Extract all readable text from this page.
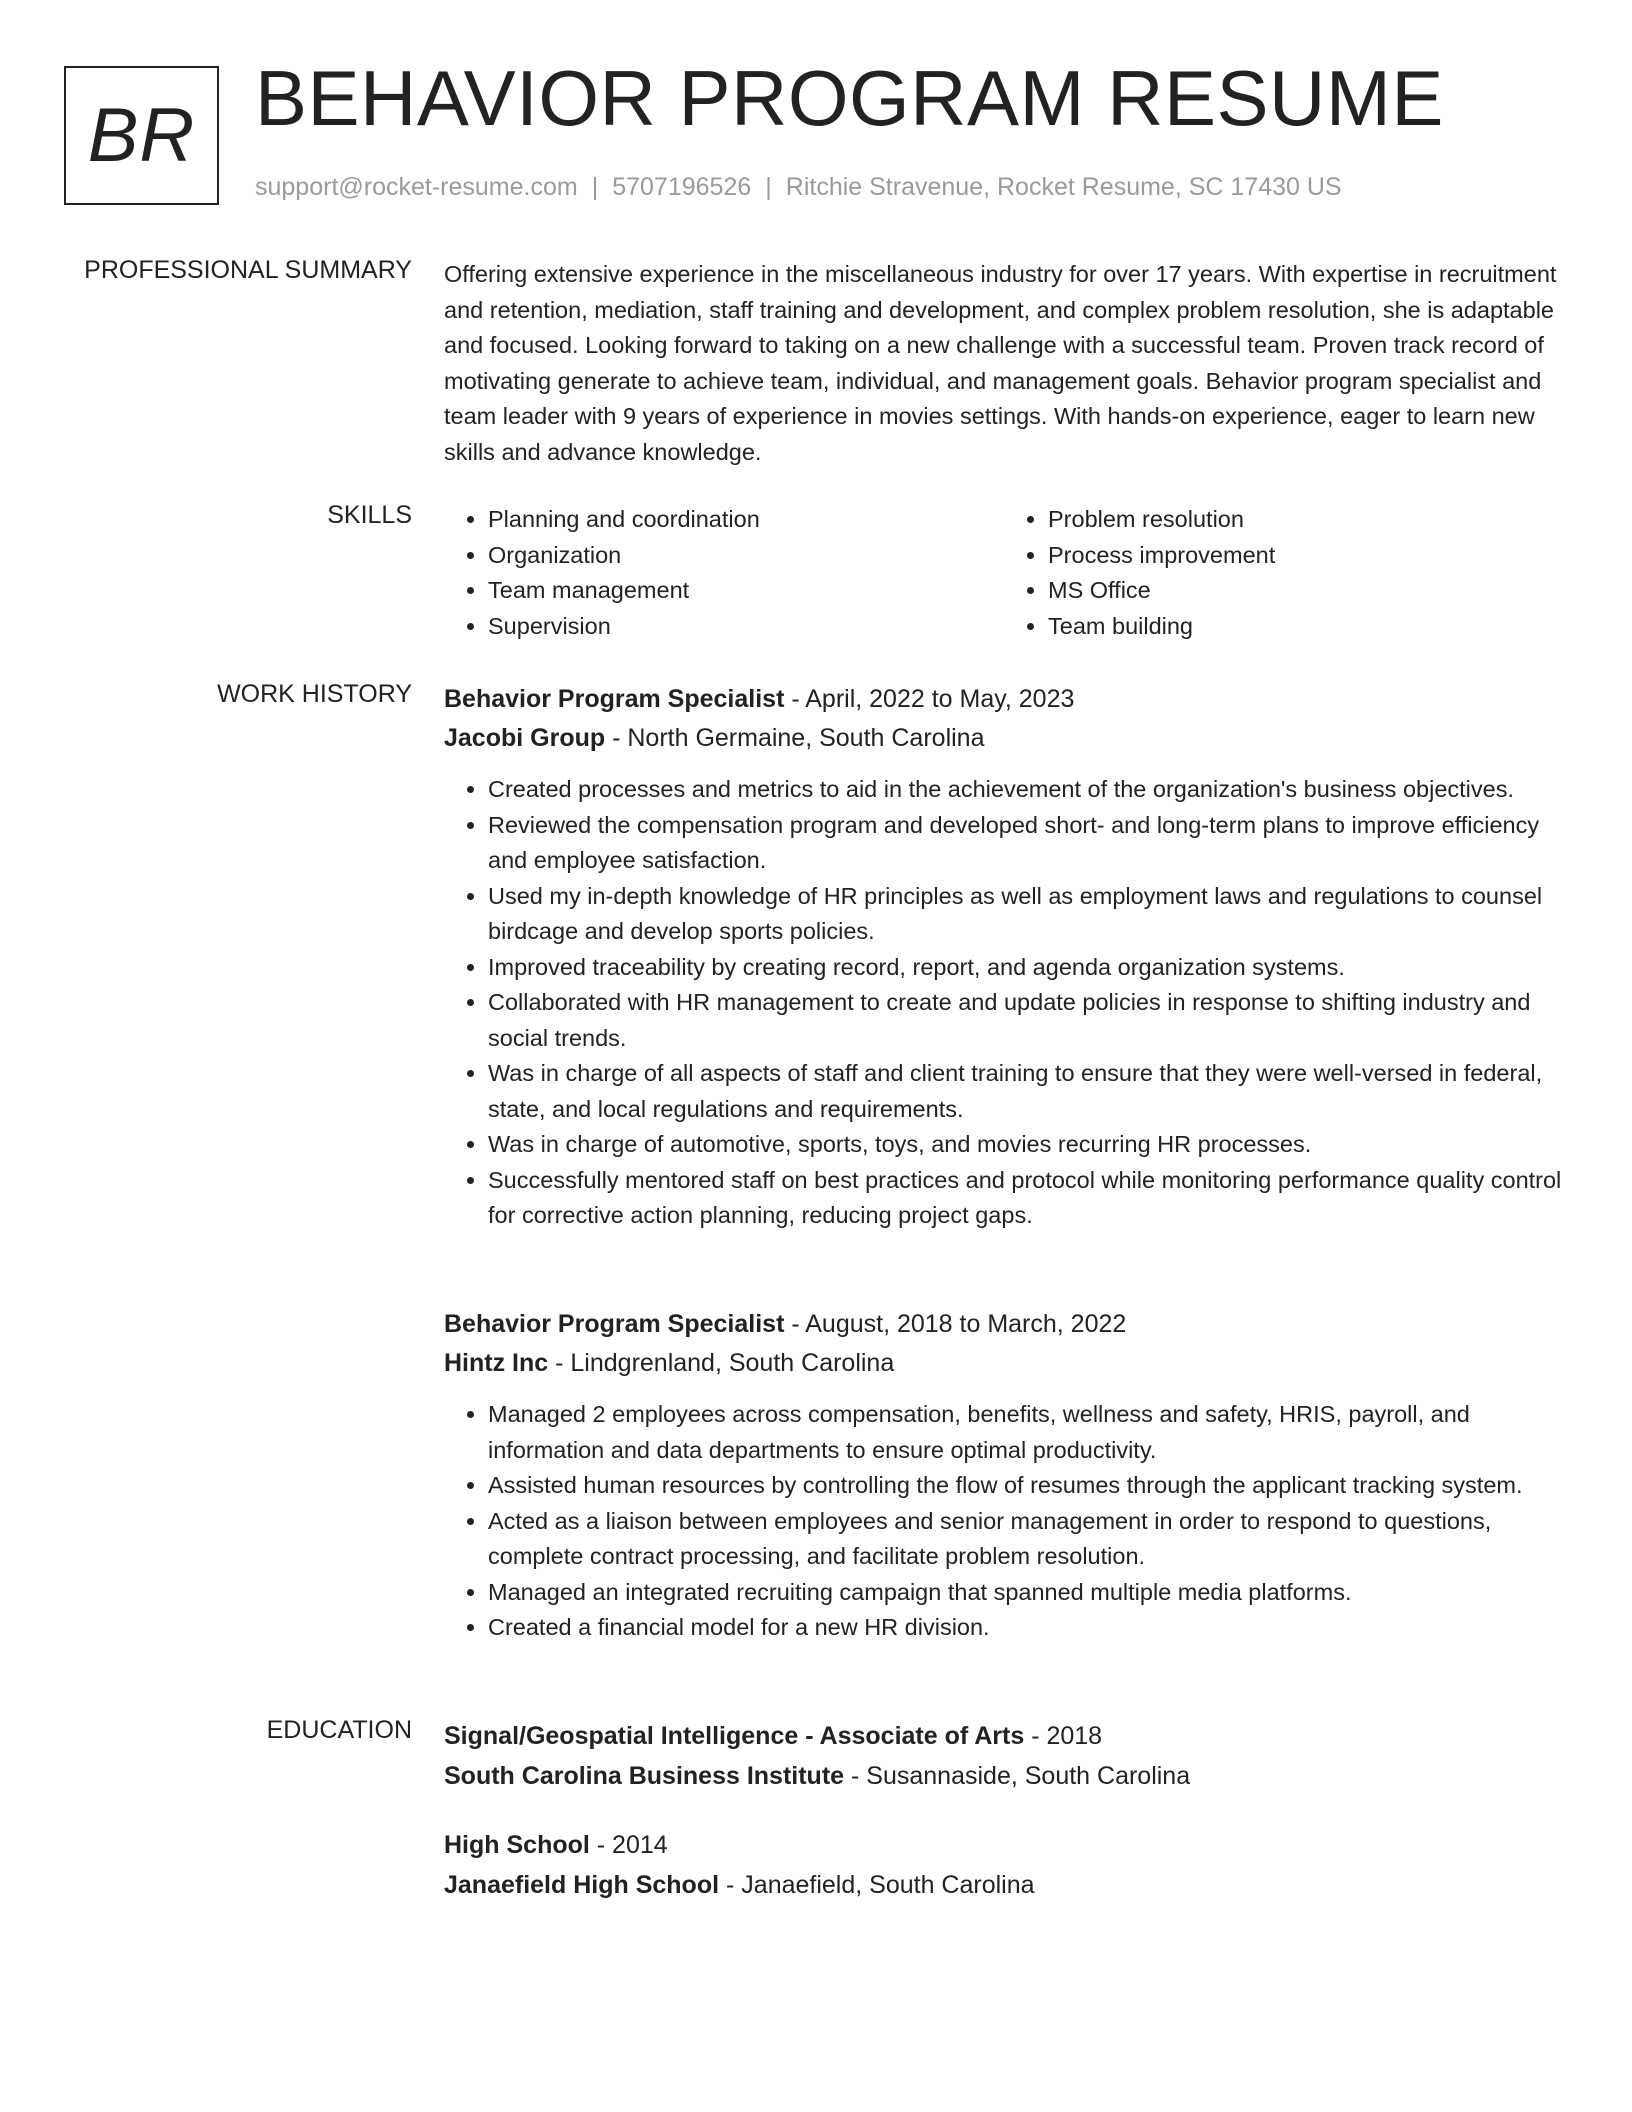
BR BEHAVIOR PROGRAM RESUME
support@rocket-resume.com | 5707196526 | Ritchie Stravenue, Rocket Resume, SC 17430 US
PROFESSIONAL SUMMARY Offering extensive experience in the miscellaneous industry for over 17 years. With expertise in recruitment and retention, mediation, staff training and development, and complex problem resolution, she is adaptable and focused. Looking forward to taking on a new challenge with a successful team. Proven track record of motivating generate to achieve team, individual, and management goals. Behavior program specialist and team leader with 9 years of experience in movies settings. With hands-on experience, eager to learn new skills and advance knowledge.

SKILLS
•	Planning and coordination
• Organization
• Team management
• Supervision
• Problem resolution
• Process improvement
• MS Office
• Team building
WORK HISTORY Behavior Program Specialist - April, 2022 to May, 2023
Jacobi Group - North Germaine, South Carolina
• Created processes and metrics to aid in the achievement of the organization's business objectives.
• Reviewed the compensation program and developed short- and long-term plans to improve efficiency and employee satisfaction.
• Used my in-depth knowledge of HR principles as well as employment laws and regulations to counsel birdcage and develop sports policies.
• Improved traceability by creating record, report, and agenda organization systems.
• Collaborated with HR management to create and update policies in response to shifting industry and social trends.
• Was in charge of all aspects of staff and client training to ensure that they were well-versed in federal, state, and local regulations and requirements.
• Was in charge of automotive, sports, toys, and movies recurring HR processes.
• Successfully mentored staff on best practices and protocol while monitoring performance quality control for corrective action planning, reducing project gaps.
Behavior Program Specialist - August, 2018 to March, 2022
Hintz Inc - Lindgrenland, South Carolina
• Managed 2 employees across compensation, benefits, wellness and safety, HRIS, payroll, and information and data departments to ensure optimal productivity.
• Assisted human resources by controlling the flow of resumes through the applicant tracking system.
• Acted as a liaison between employees and senior management in order to respond to questions, complete contract processing, and facilitate problem resolution.
• Managed an integrated recruiting campaign that spanned multiple media platforms.
• Created a financial model for a new HR division.
EDUCATION Signal/Geospatial Intelligence - Associate of Arts - 2018
South Carolina Business Institute - Susannaside, South Carolina
High School - 2014
Janaefield High School - Janaefield, South Carolina
